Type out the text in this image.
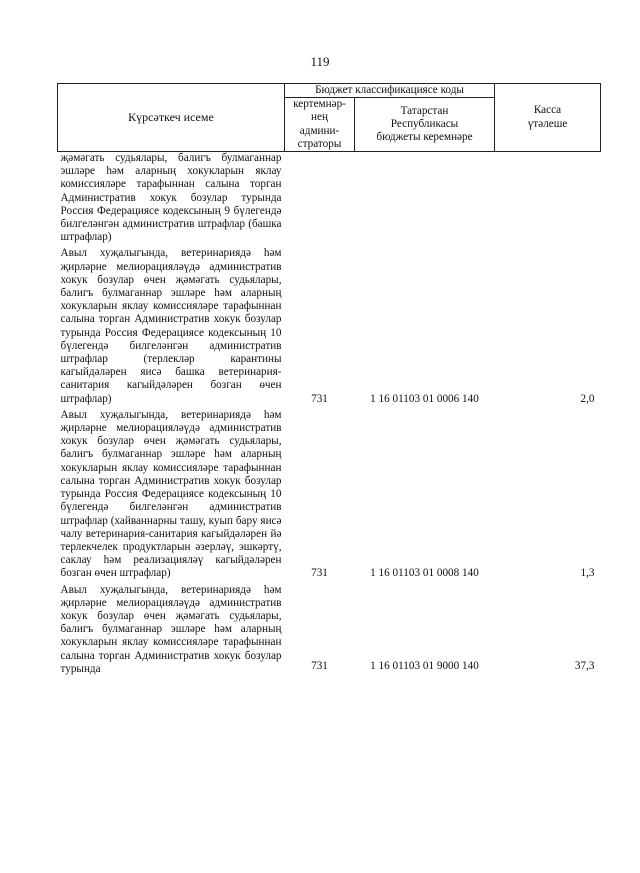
119
Күрсәткеч исеме	Бюджет классификациясе коды		Касса
үтәлеше
	кертемнәр-
нең
админи-
страторы	Татарстан
Республикасы
бюджеты керемнәре	
җәмәгать судьялары, балигъ булмаганнар эшләре һәм аларның хокукларын яклау комиссияләре тарафыннан салына торган Административ хокук бозулар турында Россия Федерациясе кодексының 9 бүлегендә билгеләнгән административ штрафлар (башка штрафлар)			
Авыл хуҗалыгында, ветеринариядә һәм җирләрне мелиорацияләүдә административ хокук бозулар өчен җәмәгать судьялары, балигъ булмаганнар эшләре һәм аларның хокукларын яклау комиссияләре тарафыннан салына торган Административ хокук бозулар турында Россия Федерациясе кодексының 10 бүлегендә билгеләнгән административ штрафлар (терлекләр карантины кагыйдәләрен яисә башка ветеринария-санитария кагыйдәләрен бозган өчен штрафлар)	731	1 16 01103 01 0006 140	2,0
Авыл хуҗалыгында, ветеринариядә һәм җирләрне мелиорацияләүдә административ хокук бозулар өчен җәмәгать судьялары, балигъ булмаганнар эшләре һәм аларның хокукларын яклау комиссияләре тарафыннан салына торган Административ хокук бозулар турында Россия Федерациясе кодексының 10 бүлегендә билгеләнгән административ штрафлар (хайваннарны ташу, куып бару яисә чалу ветеринария-санитария кагыйдәләрен йә терлекчелек продуктларын әзерләү, эшкәртү, саклау һәм реализацияләү кагыйдәләрен бозган өчен штрафлар)	731	1 16 01103 01 0008 140	1,3
Авыл хуҗалыгында, ветеринариядә һәм җирләрне мелиорацияләүдә административ хокук бозулар өчен җәмәгать судьялары, балигъ булмаганнар эшләре һәм аларның хокукларын яклау комиссияләре тарафыннан салына торган Административ хокук бозулар турында	731	1 16 01103 01 9000 140	37,3
